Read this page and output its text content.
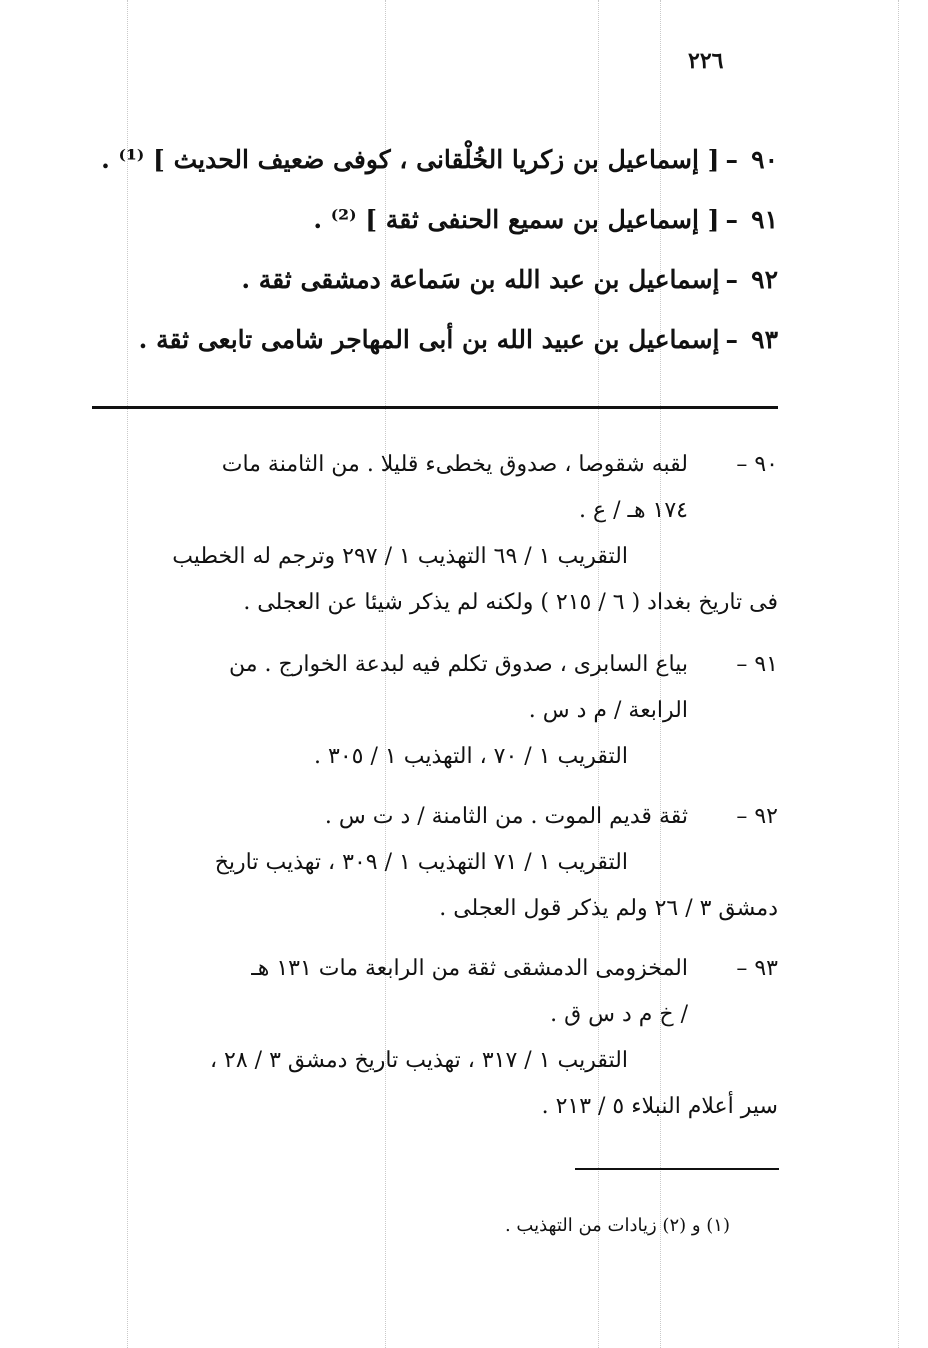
٢٢٦
٩٠–[ إسماعيل بن زكريا الخُلْقانى ، كوفى ضعيف الحديث ] ⁽¹⁾ .
٩١–[ إسماعيل بن سميع الحنفى ثقة ] ⁽²⁾ .
٩٢–إسماعيل بن عبد الله بن سَماعة دمشقى ثقة .
٩٣–إسماعيل بن عبيد الله بن أبى المهاجر شامى تابعى ثقة .
٩٠ –
لقبه شقوصا ، صدوق يخطىء قليلا . من الثامنة مات
١٧٤ هـ / ع .
التقريب ١ / ٦٩ التهذيب ١ / ٢٩٧ وترجم له الخطيب
فى تاريخ بغداد ( ٦ / ٢١٥ ) ولكنه لم يذكر شيئا عن العجلى .
٩١ –
بياع السابرى ، صدوق تكلم فيه لبدعة الخوارج . من
الرابعة / م د س .
التقريب ١ / ٧٠ ، التهذيب ١ / ٣٠٥ .
٩٢ –
ثقة قديم الموت . من الثامنة / د ت س .
التقريب ١ / ٧١ التهذيب ١ / ٣٠٩ ، تهذيب تاريخ
دمشق ٣ / ٢٦ ولم يذكر قول العجلى .
٩٣ –
المخزومى الدمشقى ثقة من الرابعة مات ١٣١ هـ
/ خ م د س ق .
التقريب ١ / ٣١٧ ، تهذيب تاريخ دمشق ٣ / ٢٨ ،
سير أعلام النبلاء ٥ / ٢١٣ .
(١) و (٢) زيادات من التهذيب .
